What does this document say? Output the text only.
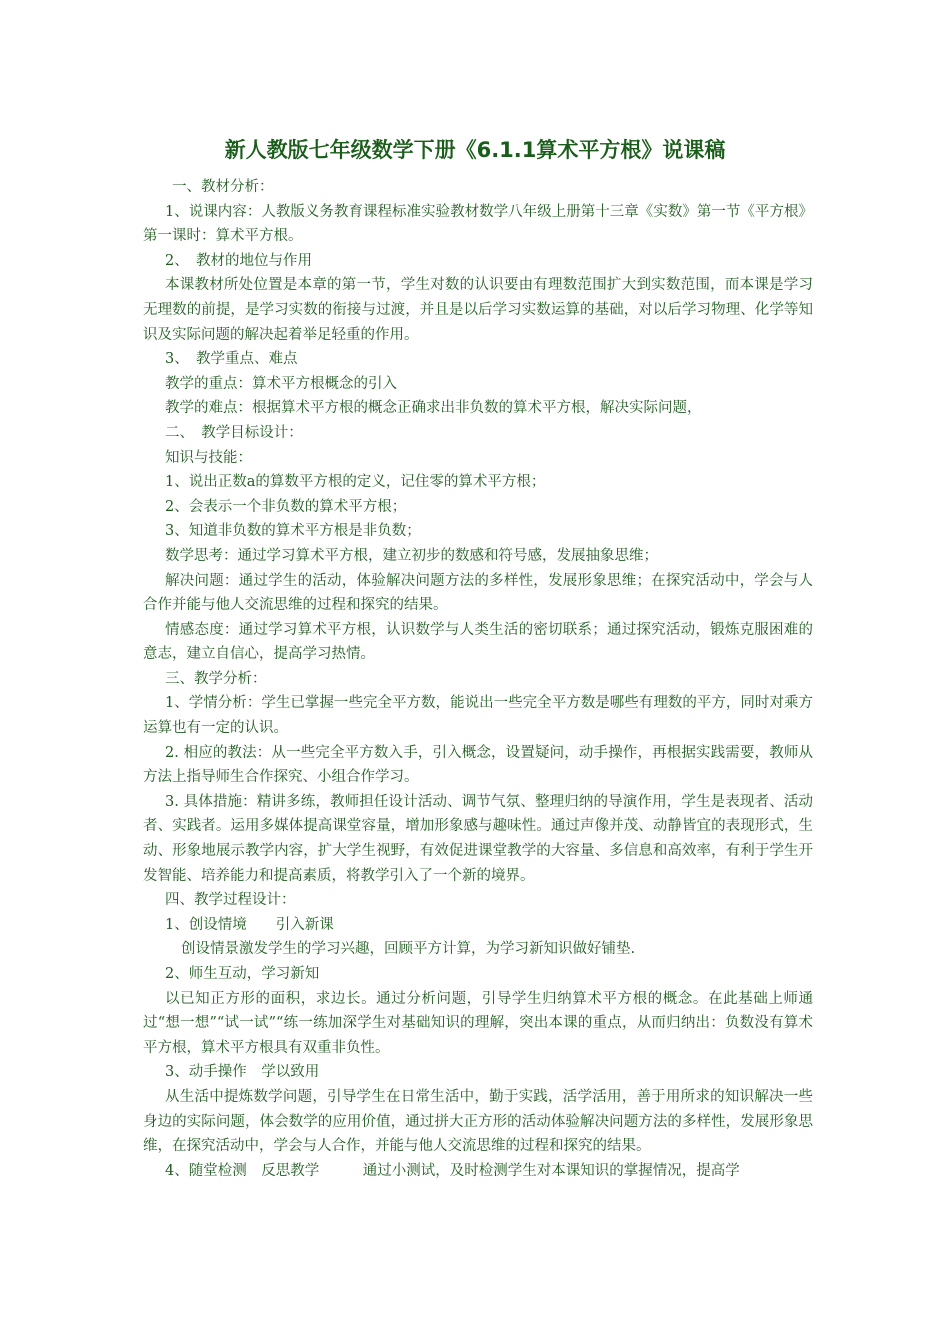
新人教版七年级数学下册《6.1.1算术平方根》说课稿

一、教材分析：

1、说课内容：人教版义务教育课程标准实验教材数学八年级上册第十三章《实数》第一节《平方根》第一课时：算术平方根。

2、　教材的地位与作用

本课教材所处位置是本章的第一节，学生对数的认识要由有理数范围扩大到实数范围，而本课是学习无理数的前提，是学习实数的衔接与过渡，并且是以后学习实数运算的基础，对以后学习物理、化学等知识及实际问题的解决起着举足轻重的作用。

3、　教学重点、难点

教学的重点：算术平方根概念的引入

教学的难点：根据算术平方根的概念正确求出非负数的算术平方根，解决实际问题，

二、　教学目标设计：

知识与技能：

1、说出正数a的算数平方根的定义，记住零的算术平方根；

2、会表示一个非负数的算术平方根；

3、知道非负数的算术平方根是非负数；

数学思考：通过学习算术平方根，建立初步的数感和符号感，发展抽象思维；

解决问题：通过学生的活动，体验解决问题方法的多样性，发展形象思维；在探究活动中，学会与人合作并能与他人交流思维的过程和探究的结果。

情感态度：通过学习算术平方根，认识数学与人类生活的密切联系；通过探究活动，锻炼克服困难的意志，建立自信心，提高学习热情。

三、教学分析：

1、学情分析：学生已掌握一些完全平方数，能说出一些完全平方数是哪些有理数的平方，同时对乘方运算也有一定的认识。

2. 相应的教法：从一些完全平方数入手，引入概念，设置疑问，动手操作，再根据实践需要，教师从方法上指导师生合作探究、小组合作学习。

3. 具体措施：精讲多练，教师担任设计活动、调节气氛、整理归纳的导演作用，学生是表现者、活动者、实践者。运用多媒体提高课堂容量，增加形象感与趣味性。通过声像并茂、动静皆宜的表现形式，生动、形象地展示教学内容，扩大学生视野，有效促进课堂教学的大容量、多信息和高效率，有利于学生开发智能、培养能力和提高素质，将教学引入了一个新的境界。

四、教学过程设计：

1、创设情境　　引入新课

创设情景激发学生的学习兴趣，回顾平方计算，为学习新知识做好铺垫.

2、师生互动，学习新知

以已知正方形的面积，求边长。通过分析问题，引导学生归纳算术平方根的概念。在此基础上师通过“想一想”“试一试”“练一练加深学生对基础知识的理解，突出本课的重点，从而归纳出：负数没有算术平方根，算术平方根具有双重非负性。

3、动手操作　学以致用

从生活中提炼数学问题，引导学生在日常生活中，勤于实践，活学活用，善于用所求的知识解决一些身边的实际问题，体会数学的应用价值，通过拼大正方形的活动体验解决问题方法的多样性，发展形象思维，在探究活动中，学会与人合作，并能与他人交流思维的过程和探究的结果。

4、随堂检测　反思教学　　　通过小测试，及时检测学生对本课知识的掌握情况，提高学
